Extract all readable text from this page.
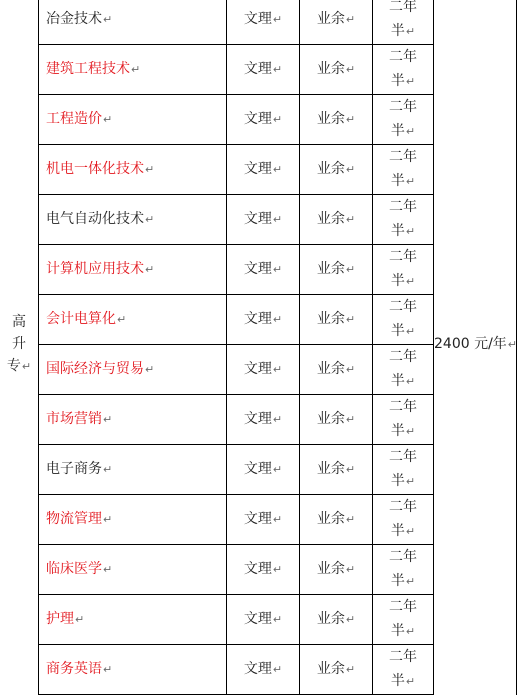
高
升
专↵	冶金技术↵	文理↵	业余↵	二年
半↵	2400 元/年↵
	建筑工程技术↵	文理↵	业余↵	二年
半↵	

	工程造价↵	文理↵	业余↵	二年
半↵	

	机电一体化技术↵	文理↵	业余↵	二年
半↵	

	电气自动化技术↵	文理↵	业余↵	二年
半↵	

	计算机应用技术↵	文理↵	业余↵	二年
半↵	

	会计电算化↵	文理↵	业余↵	二年
半↵	

	国际经济与贸易↵	文理↵	业余↵	二年
半↵	

	市场营销↵	文理↵	业余↵	二年
半↵	

	电子商务↵	文理↵	业余↵	二年
半↵	

	物流管理↵	文理↵	业余↵	二年
半↵	

	临床医学↵	文理↵	业余↵	二年
半↵	

	护理↵	文理↵	业余↵	二年
半↵	

	商务英语↵	文理↵	业余↵	二年
半↵	
